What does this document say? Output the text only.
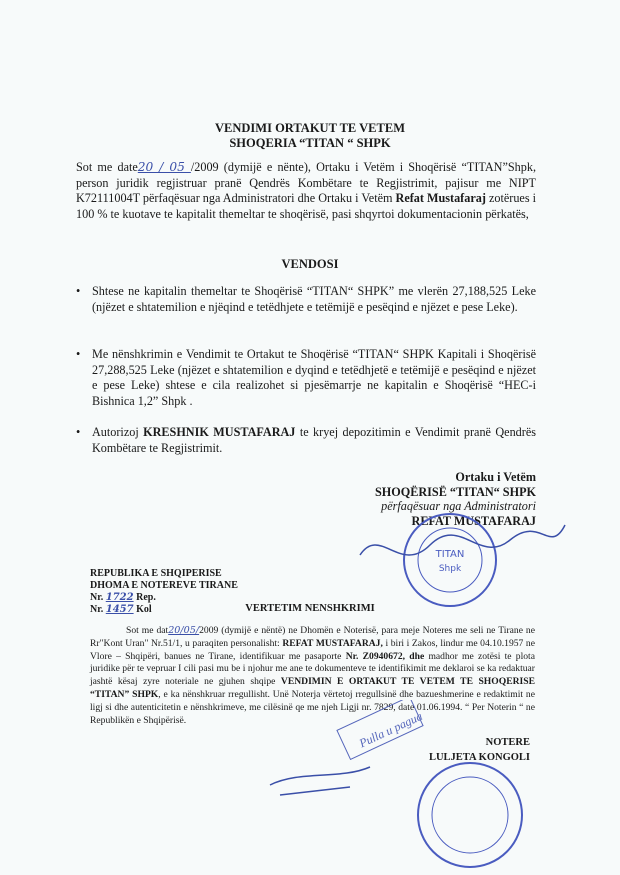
VENDIMI ORTAKUT TE VETEM
SHOQERIA “TITAN “ SHPK
Sot me date20 / 05 /2009 (dymijë e nënte), Ortaku i Vetëm i Shoqërisë “TITAN”Shpk, person juridik regjistruar pranë Qendrës Kombëtare te Regjistrimit, pajisur me NIPT K72111004T përfaqësuar nga Administratori dhe Ortaku i Vetëm Refat Mustafaraj zotërues i 100 % te kuotave te kapitalit themeltar te shoqërisë, pasi shqyrtoi dokumentacionin përkatës,
VENDOSI
• Shtese ne kapitalin themeltar te Shoqërisë “TITAN“ SHPK” me vlerën 27,188,525 Leke (njëzet e shtatemilion e njëqind e tetëdhjete e tetëmijë e pesëqind e njëzet e pese Leke).
• Me nënshkrimin e Vendimit te Ortakut te Shoqërisë “TITAN“ SHPK Kapitali i Shoqërisë 27,288,525 Leke (njëzet e shtatemilion e dyqind e tetëdhjetë e tetëmijë e pesëqind e njëzet e pese Leke) shtese e cila realizohet si pjesëmarrje ne kapitalin e Shoqërisë “HEC-i Bishnica 1,2” Shpk .
• Autorizoj KRESHNIK MUSTAFARAJ te kryej depozitimin e Vendimit pranë Qendrës Kombëtare te Regjistrimit.
Ortaku i Vetëm
SHOQËRISË “TITAN“ SHPK
përfaqësuar nga Administratori
REFAT MUSTAFARAJ
TITAN
Shpk
REPUBLIKA E SHQIPERISE
DHOMA E NOTEREVE TIRANE
Nr. 1722 Rep.
Nr. 1457 Kol	VERTETIM NENSHKRIMI
Sot me dat20/05/2009 (dymijë e nëntë) ne Dhomën e Noterisë, para meje Noteres me seli ne Tirane ne Rr"Kont Uran" Nr.51/1, u paraqiten personalisht: REFAT MUSTAFARAJ, i biri i Zakos, lindur me 04.10.1957 ne Vlore – Shqipëri, banues ne Tirane, identifikuar me pasaporte Nr. Z0940672, dhe madhor me zotësi te plota juridike për te vepruar I cili pasi mu be i njohur me ane te dokumenteve te identifikimit me deklaroi se ka redaktuar jashtë kësaj zyre noteriale ne gjuhen shqipe VENDIMIN E ORTAKUT TE VETEM TE SHOQERISE “TITAN” SHPK, e ka nënshkruar rregullisht. Unë Noterja vërtetoj rregullsinë dhe bazueshmerine e redaktimit ne ligj si dhe autenticitetin e nënshkrimeve, me cilësinë qe me njeh Ligji nr. 7829, date 01.06.1994. “ Per Noterin “ ne Republikën e Shqipërisë.	Pulla u pagua	NOTERE
LULJETA KONGOLI
